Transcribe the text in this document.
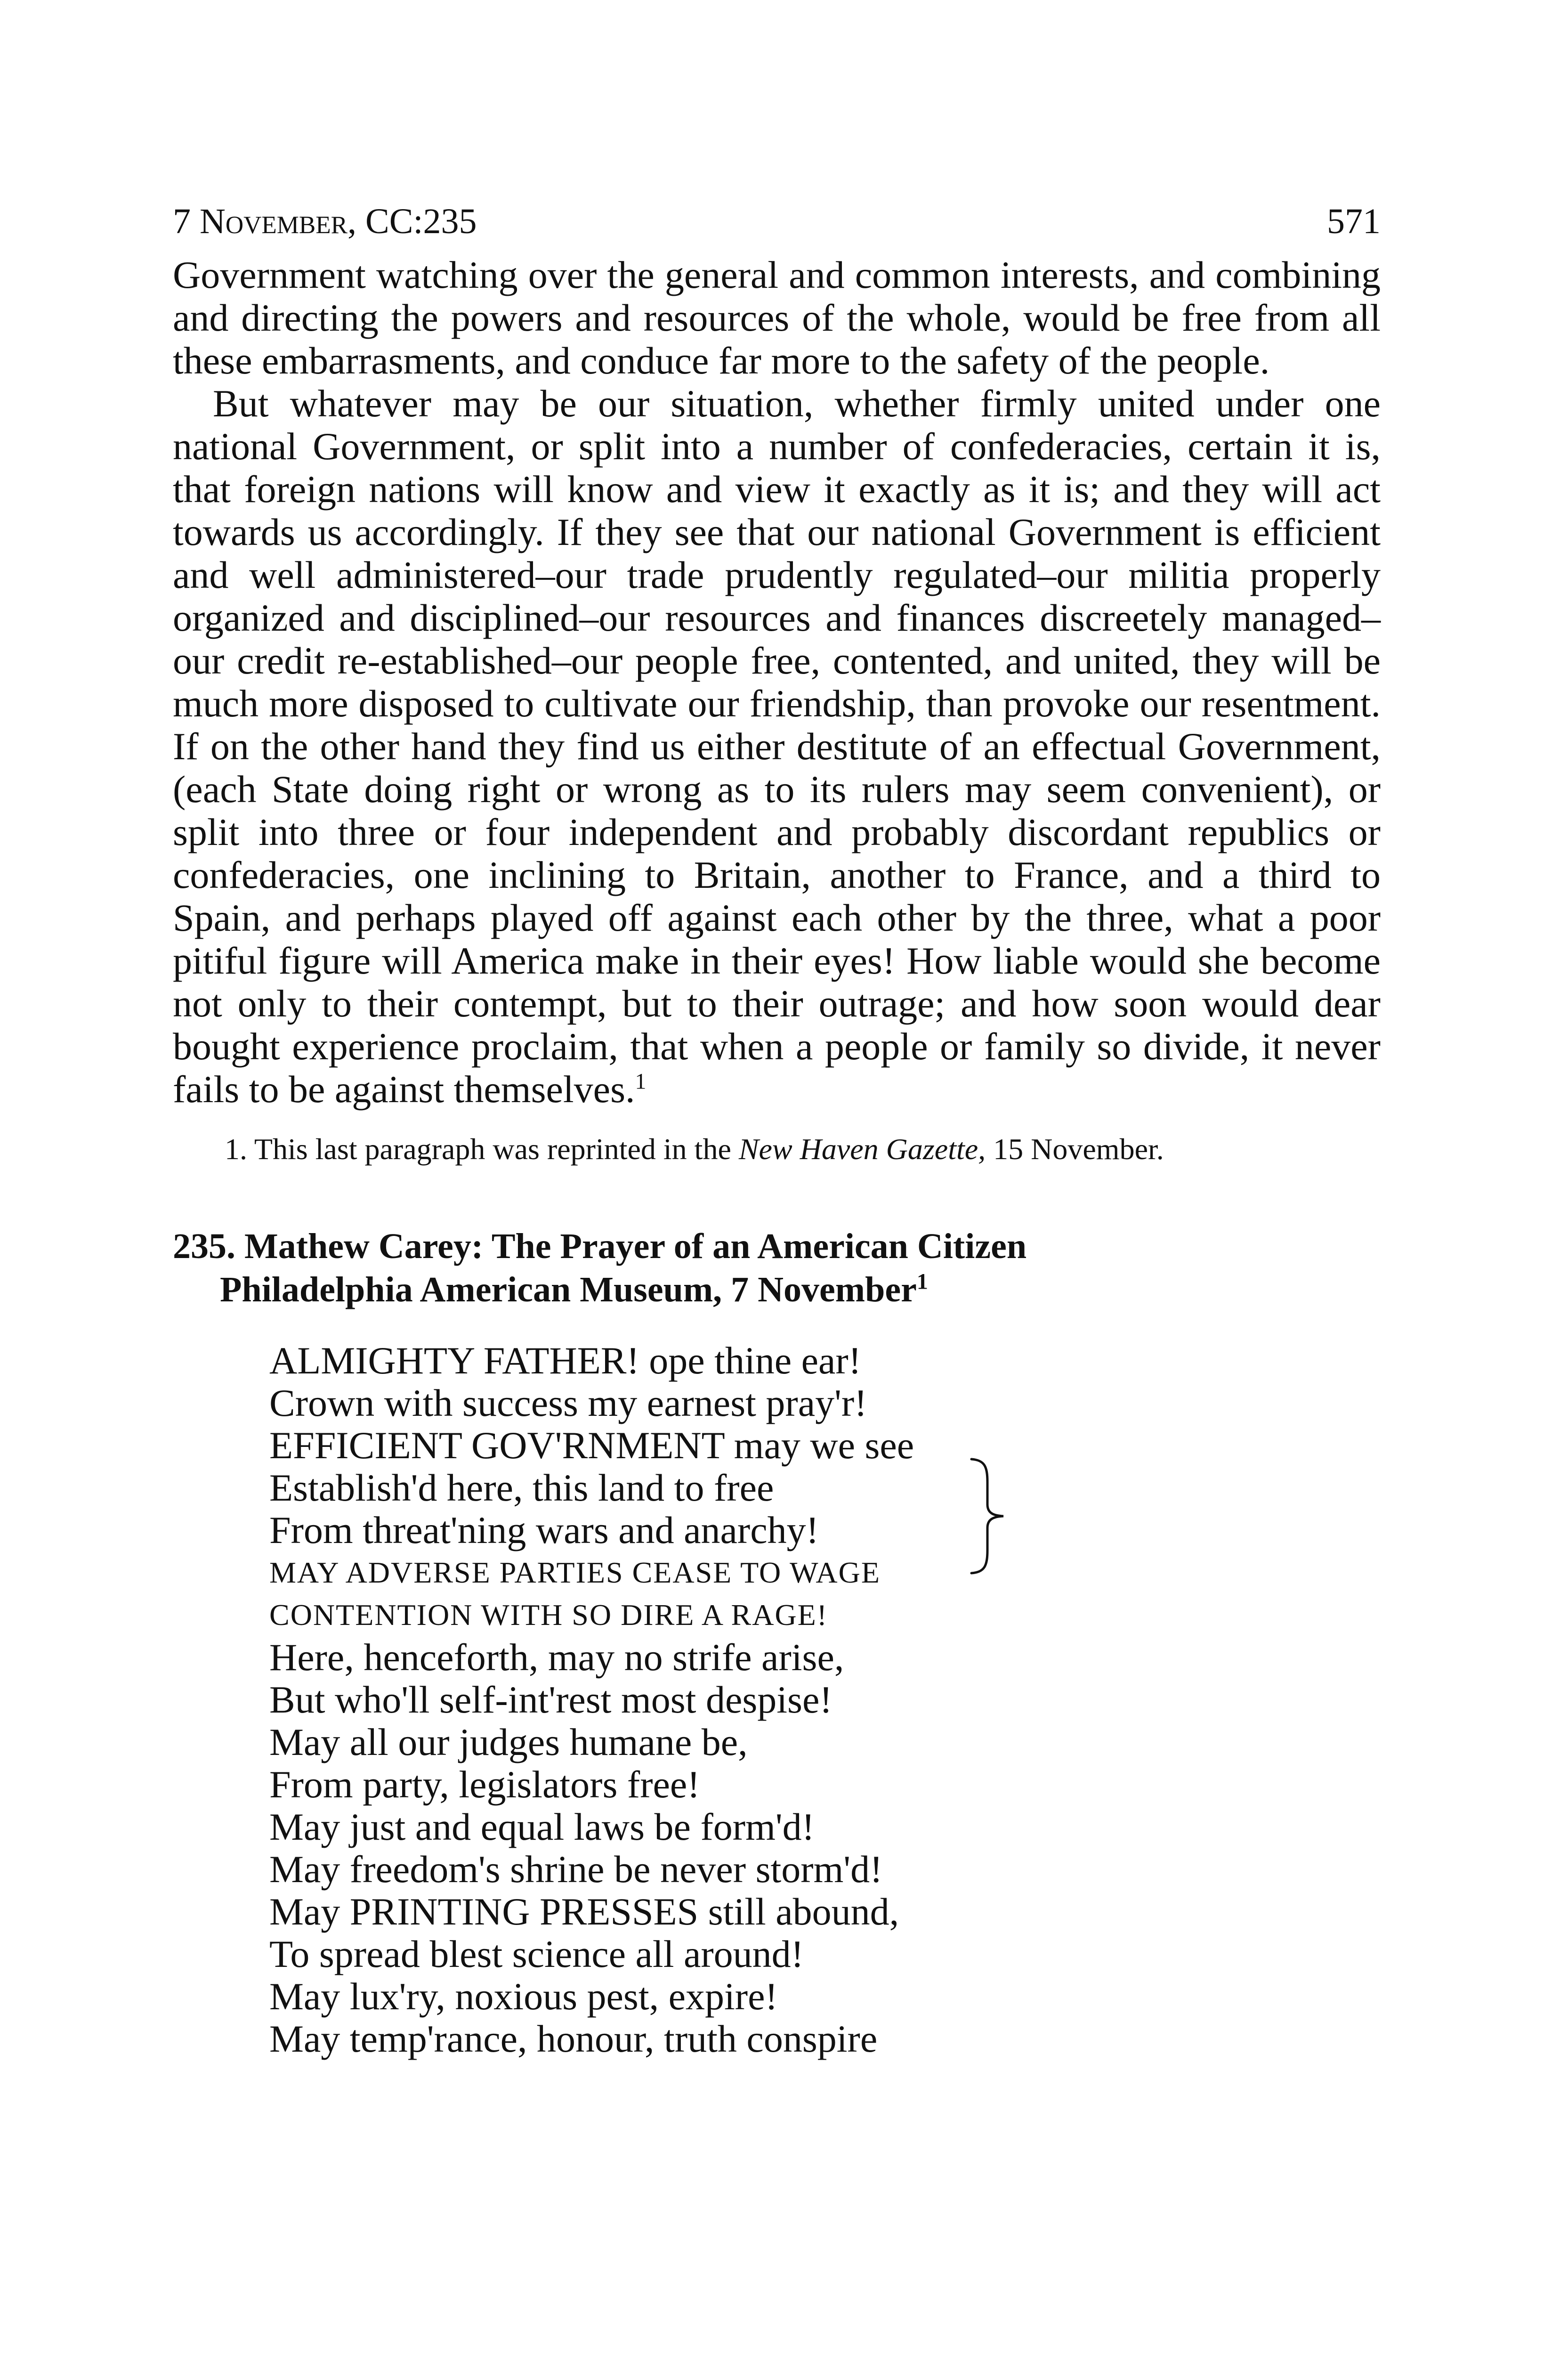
7 November, CC:235	571

Government watching over the general and common interests, and combining and directing the powers and resources of the whole, would be free from all these embarrasments, and conduce far more to the safety of the people.

But whatever may be our situation, whether firmly united under one national Government, or split into a number of confederacies, certain it is, that foreign nations will know and view it exactly as it is; and they will act towards us accordingly. If they see that our national Government is efficient and well administered–our trade prudently regulated–our militia properly organized and disciplined–our resources and finances discreetely managed–our credit re-established–our people free, contented, and united, they will be much more disposed to cultivate our friendship, than provoke our resentment. If on the other hand they find us either destitute of an effectual Government, (each State doing right or wrong as to its rulers may seem convenient), or split into three or four independent and probably discordant republics or confederacies, one inclining to Britain, another to France, and a third to Spain, and perhaps played off against each other by the three, what a poor pitiful figure will America make in their eyes! How liable would she become not only to their contempt, but to their outrage; and how soon would dear bought experience proclaim, that when a people or family so divide, it never fails to be against themselves.$^1$

1. This last paragraph was reprinted in the New Haven Gazette, 15 November.

235. Mathew Carey: The Prayer of an American Citizen
Philadelphia American Museum, 7 November$^1$
ALMIGHTY FATHER! ope thine ear!
Crown with success my earnest pray'r!
EFFICIENT GOV'RNMENT may we see
Establish'd here, this land to free
From threat'ning wars and anarchy!
MAY ADVERSE PARTIES CEASE TO WAGE
CONTENTION WITH SO DIRE A RAGE!
Here, henceforth, may no strife arise,
But who'll self-int'rest most despise!
May all our judges humane be,
From party, legislators free!
May just and equal laws be form'd!
May freedom's shrine be never storm'd!
May PRINTING PRESSES still abound,
To spread blest science all around!
May lux'ry, noxious pest, expire!
May temp'rance, honour, truth conspire
